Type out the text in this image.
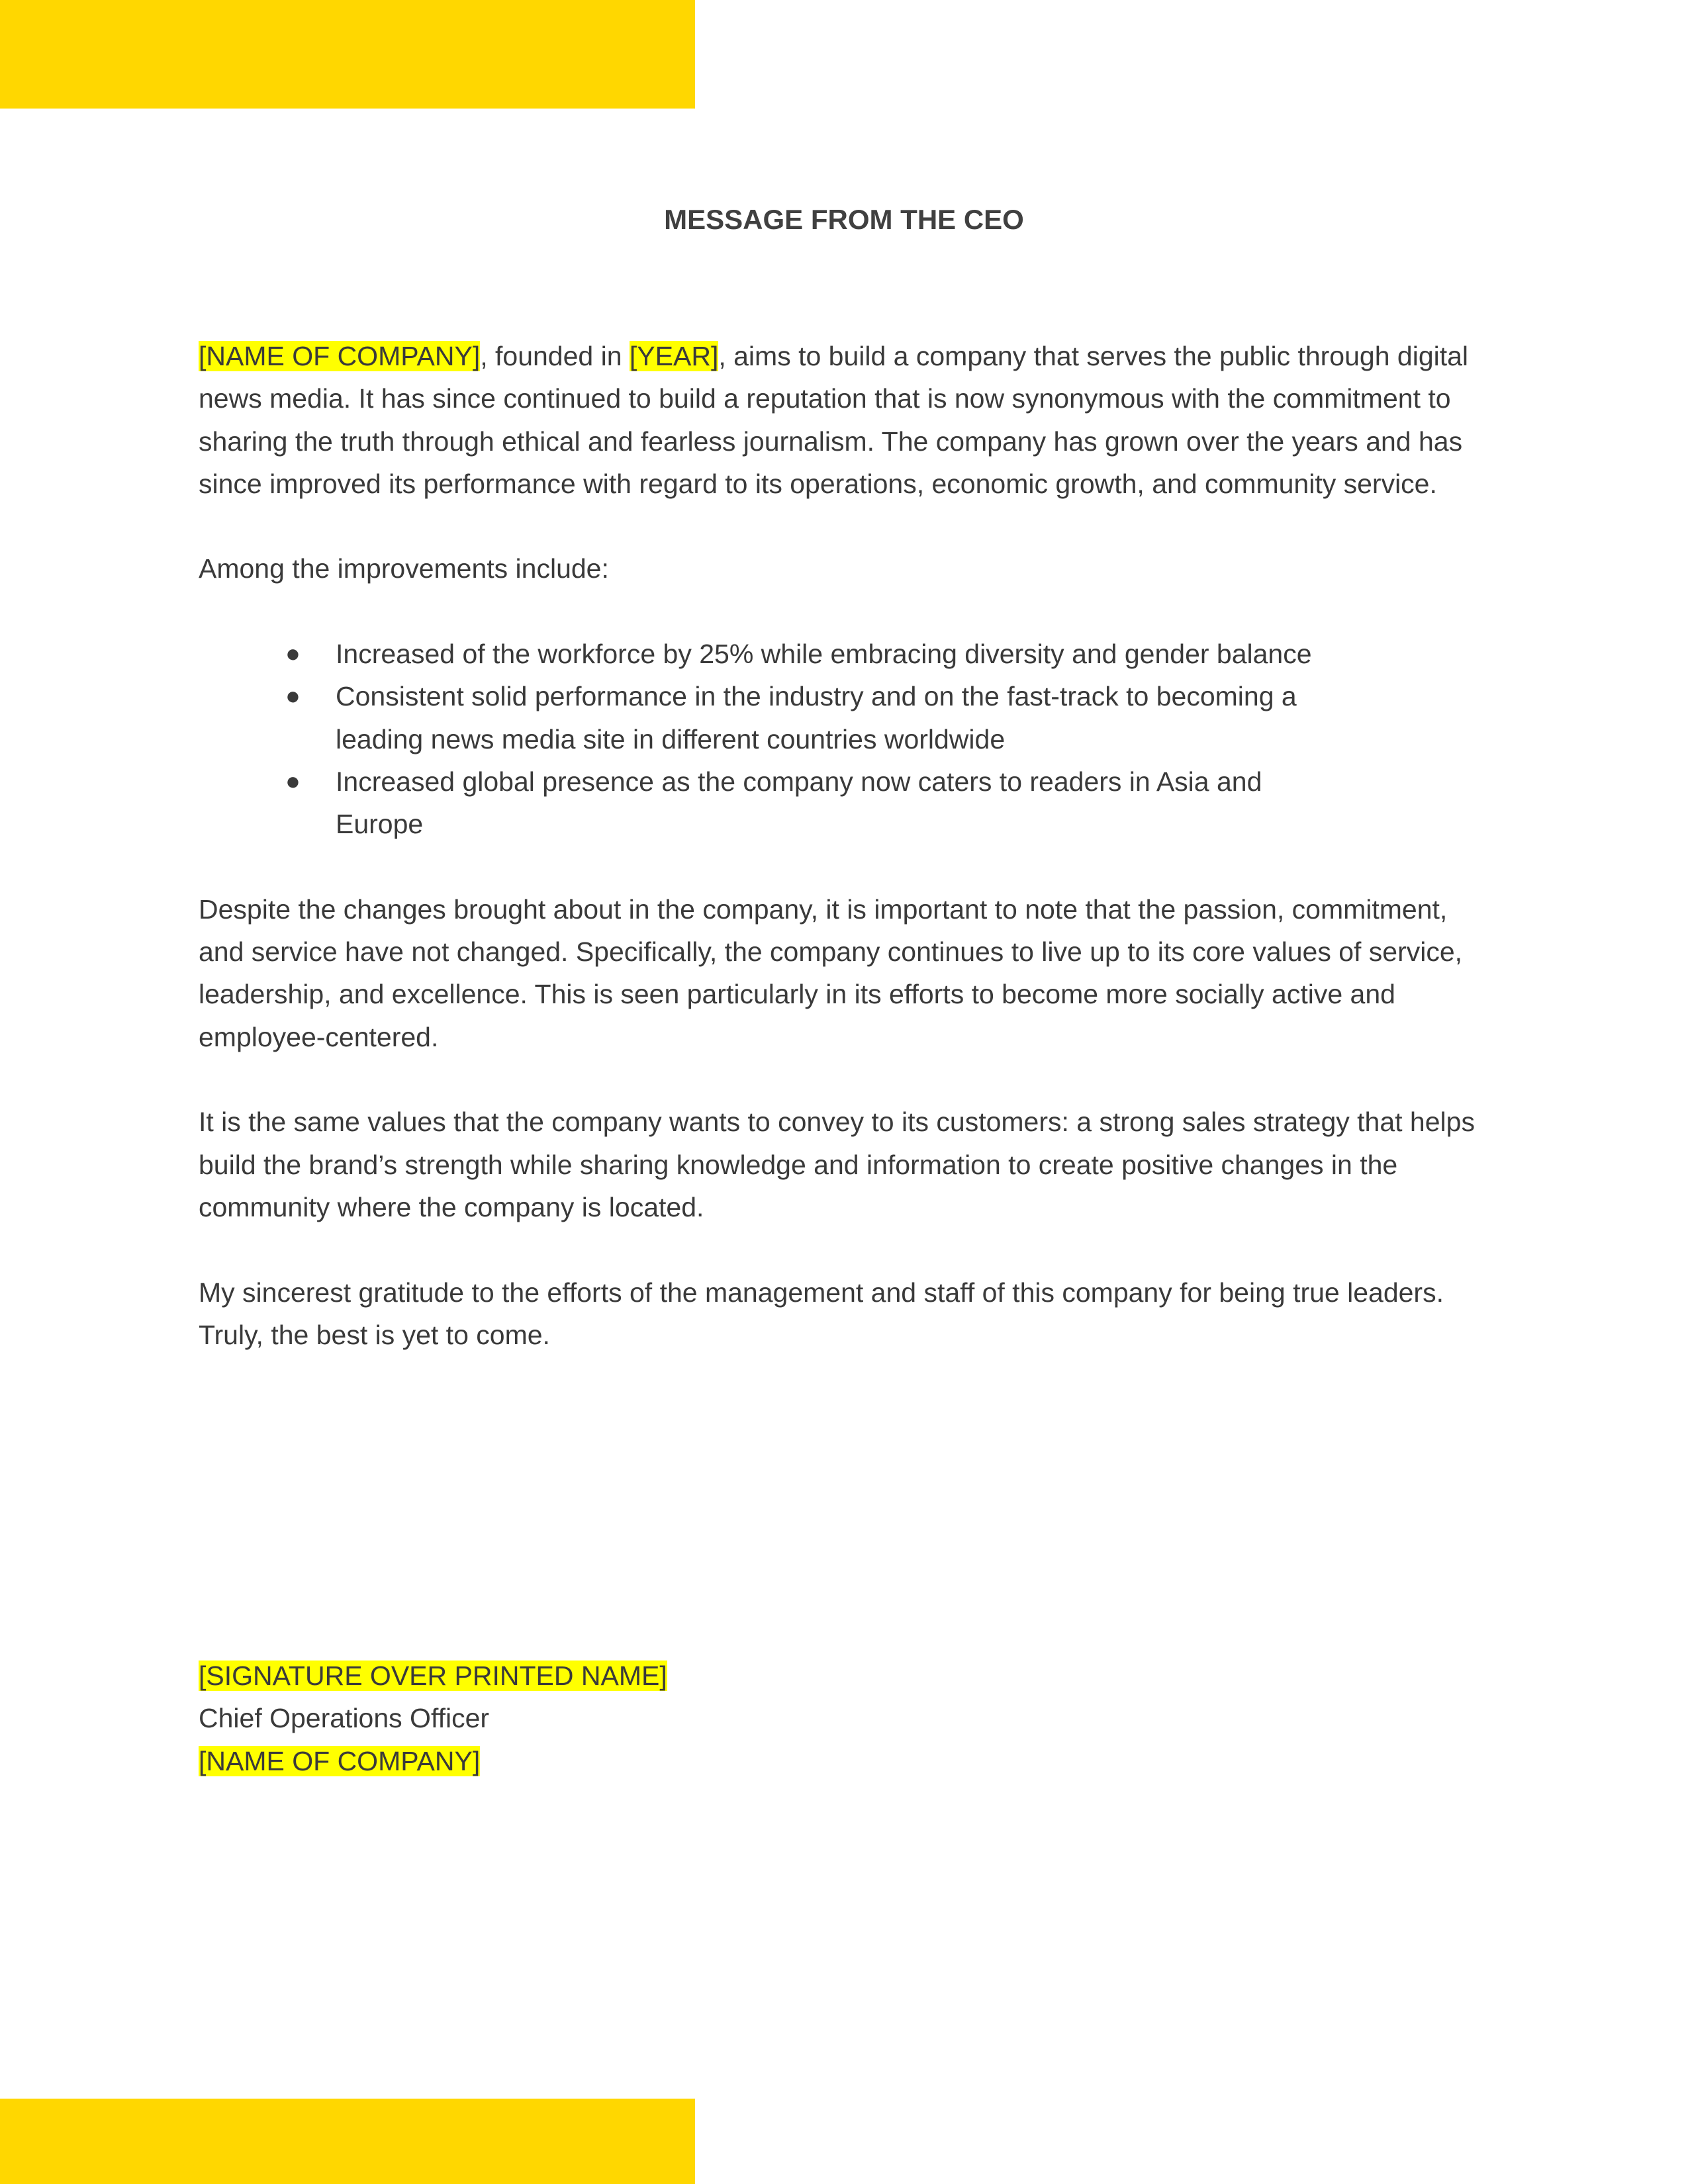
MESSAGE FROM THE CEO

[NAME OF COMPANY], founded in [YEAR], aims to build a company that serves the public through digital news media. It has since continued to build a reputation that is now synonymous with the commitment to sharing the truth through ethical and fearless journalism. The company has grown over the years and has since improved its performance with regard to its operations, economic growth, and community service.

Among the improvements include:

● Increased of the workforce by 25% while embracing diversity and gender balance
● Consistent solid performance in the industry and on the fast-track to becoming a leading news media site in different countries worldwide
● Increased global presence as the company now caters to readers in Asia and Europe

Despite the changes brought about in the company, it is important to note that the passion, commitment, and service have not changed. Specifically, the company continues to live up to its core values of service, leadership, and excellence. This is seen particularly in its efforts to become more socially active and employee-centered.

It is the same values that the company wants to convey to its customers: a strong sales strategy that helps build the brand’s strength while sharing knowledge and information to create positive changes in the community where the company is located.

My sincerest gratitude to the efforts of the management and staff of this company for being true leaders. Truly, the best is yet to come.

[SIGNATURE OVER PRINTED NAME]
Chief Operations Officer
[NAME OF COMPANY]
